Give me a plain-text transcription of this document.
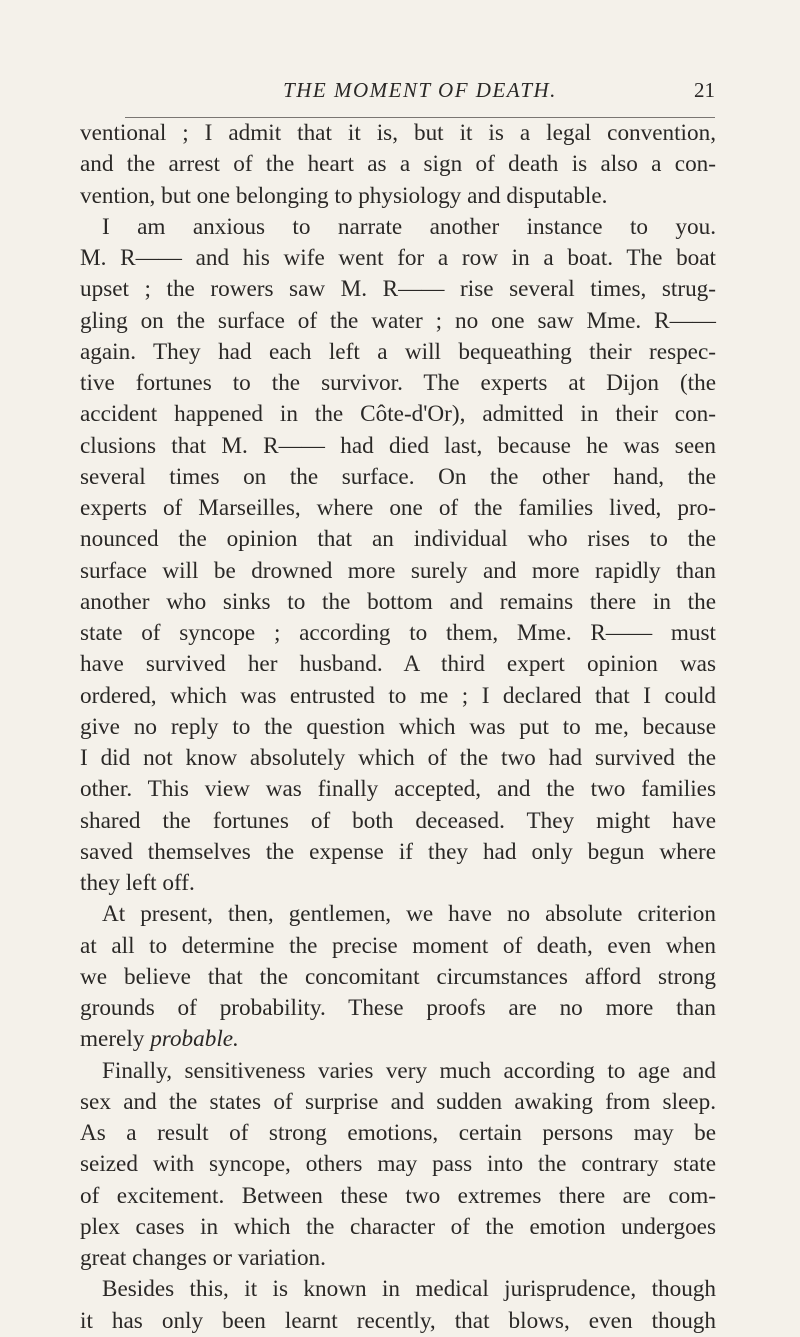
THE MOMENT OF DEATH.	21
ventional ; I admit that it is, but it is a legal convention,
and the arrest of the heart as a sign of death is also a con-
vention, but one belonging to physiology and disputable.
I am anxious to narrate another instance to you.
M. R—— and his wife went for a row in a boat. The boat
upset ; the rowers saw M. R—— rise several times, strug-
gling on the surface of the water ; no one saw Mme. R——
again. They had each left a will bequeathing their respec-
tive fortunes to the survivor. The experts at Dijon (the
accident happened in the Côte-d'Or), admitted in their con-
clusions that M. R—— had died last, because he was seen
several times on the surface. On the other hand, the
experts of Marseilles, where one of the families lived, pro-
nounced the opinion that an individual who rises to the
surface will be drowned more surely and more rapidly than
another who sinks to the bottom and remains there in the
state of syncope ; according to them, Mme. R—— must
have survived her husband. A third expert opinion was
ordered, which was entrusted to me ; I declared that I could
give no reply to the question which was put to me, because
I did not know absolutely which of the two had survived the
other. This view was finally accepted, and the two families
shared the fortunes of both deceased. They might have
saved themselves the expense if they had only begun where
they left off.
At present, then, gentlemen, we have no absolute criterion
at all to determine the precise moment of death, even when
we believe that the concomitant circumstances afford strong
grounds of probability. These proofs are no more than
merely probable.
Finally, sensitiveness varies very much according to age and
sex and the states of surprise and sudden awaking from sleep.
As a result of strong emotions, certain persons may be
seized with syncope, others may pass into the contrary state
of excitement. Between these two extremes there are com-
plex cases in which the character of the emotion undergoes
great changes or variation.
Besides this, it is known in medical jurisprudence, though
it has only been learnt recently, that blows, even though
